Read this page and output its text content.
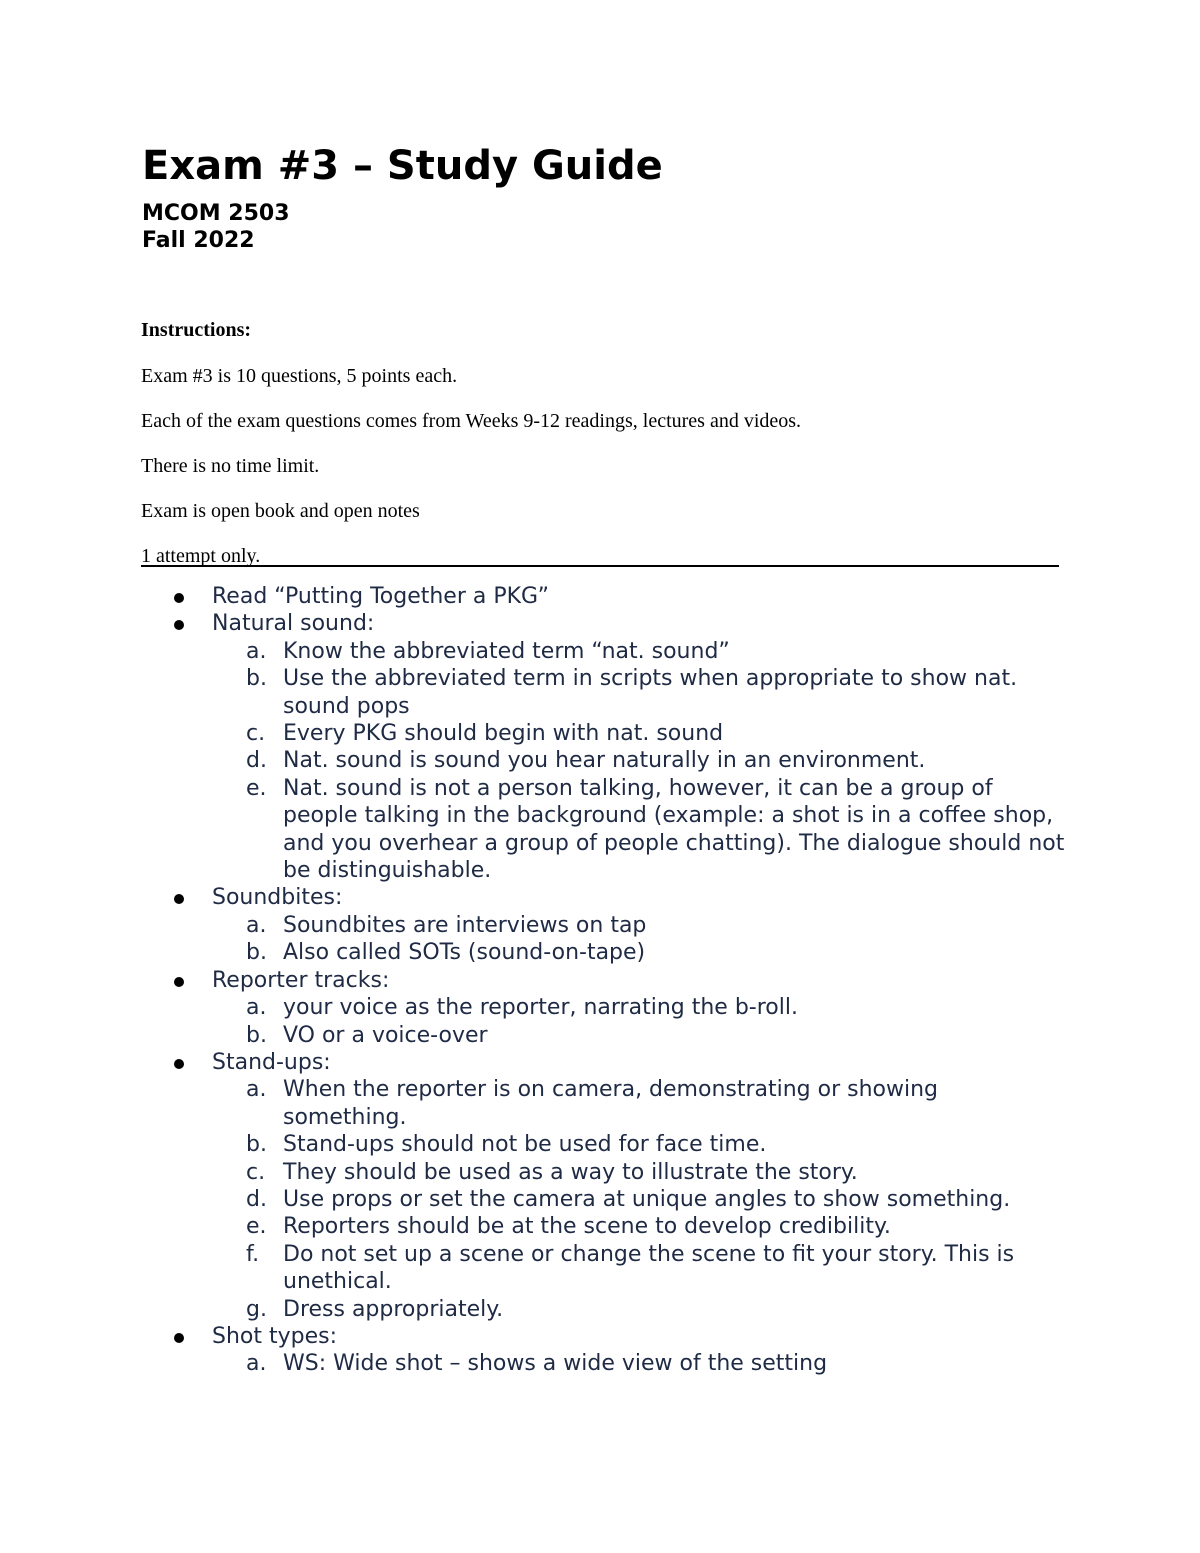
Exam #3 – Study Guide
MCOM 2503
Fall 2022
Instructions:
Exam #3 is 10 questions, 5 points each.
Each of the exam questions comes from Weeks 9-12 readings, lectures and videos.
There is no time limit.
Exam is open book and open notes
1 attempt only.
Read “Putting Together a PKG”
Natural sound:
a. Know the abbreviated term “nat. sound”
b. Use the abbreviated term in scripts when appropriate to show nat. sound pops
c. Every PKG should begin with nat. sound
d. Nat. sound is sound you hear naturally in an environment.
e. Nat. sound is not a person talking, however, it can be a group of people talking in the background (example: a shot is in a coffee shop, and you overhear a group of people chatting). The dialogue should not be distinguishable.
Soundbites:
a. Soundbites are interviews on tap
b. Also called SOTs (sound-on-tape)
Reporter tracks:
a. your voice as the reporter, narrating the b-roll.
b. VO or a voice-over
Stand-ups:
a. When the reporter is on camera, demonstrating or showing something.
b. Stand-ups should not be used for face time.
c. They should be used as a way to illustrate the story.
d. Use props or set the camera at unique angles to show something.
e. Reporters should be at the scene to develop credibility.
f. Do not set up a scene or change the scene to fit your story. This is unethical.
g. Dress appropriately.
Shot types:
a. WS: Wide shot – shows a wide view of the setting
